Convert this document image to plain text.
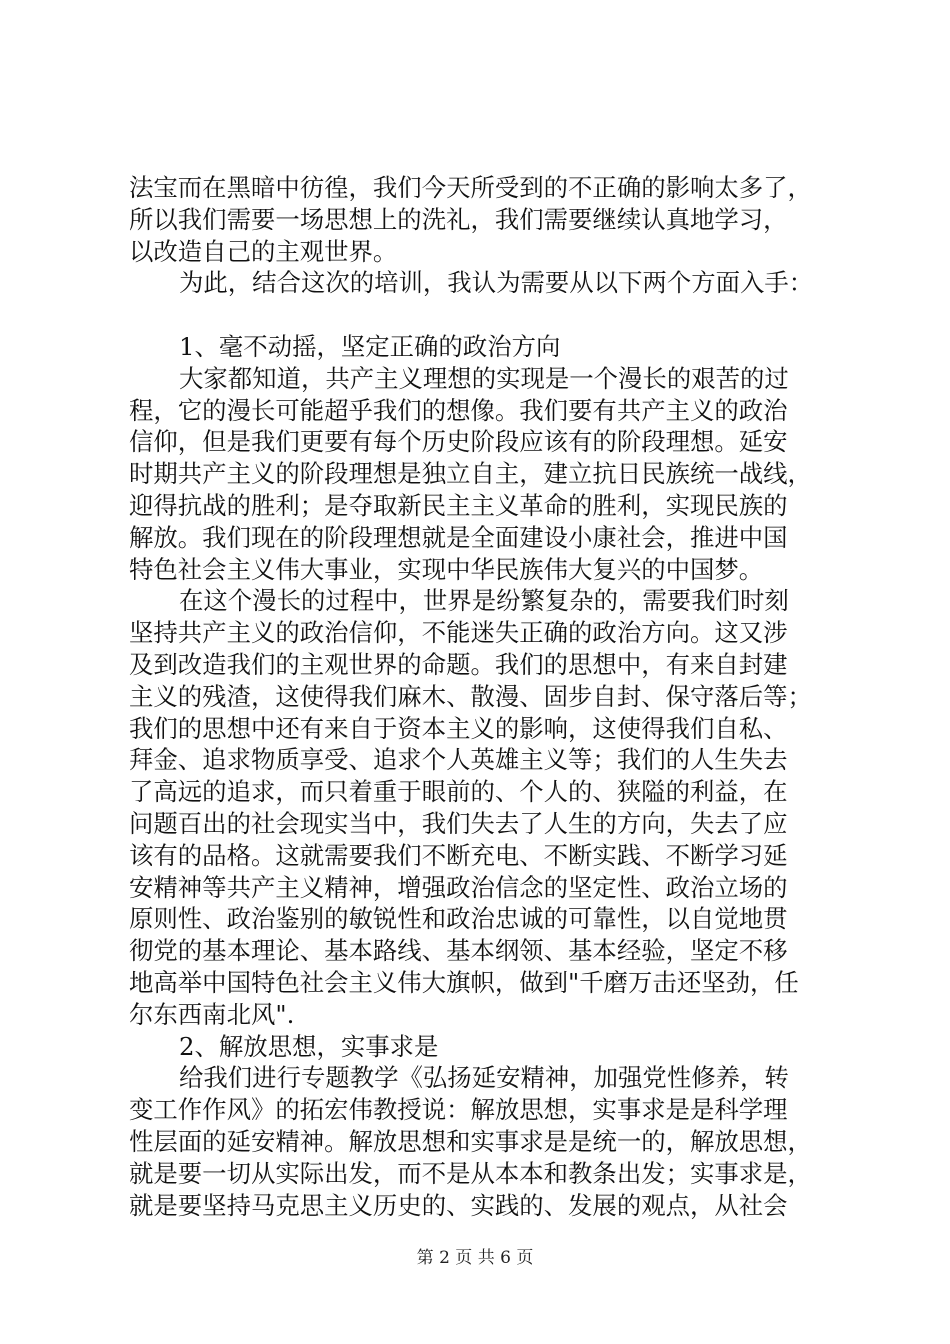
法宝而在黑暗中彷徨，我们今天所受到的不正确的影响太多了，
所以我们需要一场思想上的洗礼，我们需要继续认真地学习，
以改造自己的主观世界。
为此，结合这次的培训，我认为需要从以下两个方面入手：
1、毫不动摇，坚定正确的政治方向
大家都知道，共产主义理想的实现是一个漫长的艰苦的过
程，它的漫长可能超乎我们的想像。我们要有共产主义的政治
信仰，但是我们更要有每个历史阶段应该有的阶段理想。延安
时期共产主义的阶段理想是独立自主，建立抗日民族统一战线，
迎得抗战的胜利；是夺取新民主主义革命的胜利，实现民族的
解放。我们现在的阶段理想就是全面建设小康社会，推进中国
特色社会主义伟大事业，实现中华民族伟大复兴的中国梦。
在这个漫长的过程中，世界是纷繁复杂的，需要我们时刻
坚持共产主义的政治信仰，不能迷失正确的政治方向。这又涉
及到改造我们的主观世界的命题。我们的思想中，有来自封建
主义的残渣，这使得我们麻木、散漫、固步自封、保守落后等；
我们的思想中还有来自于资本主义的影响，这使得我们自私、
拜金、追求物质享受、追求个人英雄主义等；我们的人生失去
了高远的追求，而只着重于眼前的、个人的、狭隘的利益，在
问题百出的社会现实当中，我们失去了人生的方向，失去了应
该有的品格。这就需要我们不断充电、不断实践、不断学习延
安精神等共产主义精神，增强政治信念的坚定性、政治立场的
原则性、政治鉴别的敏锐性和政治忠诚的可靠性，以自觉地贯
彻党的基本理论、基本路线、基本纲领、基本经验，坚定不移
地高举中国特色社会主义伟大旗帜，做到"千磨万击还坚劲，任
尔东西南北风".
2、解放思想，实事求是
给我们进行专题教学《弘扬延安精神，加强党性修养，转
变工作作风》的拓宏伟教授说：解放思想，实事求是是科学理
性层面的延安精神。解放思想和实事求是是统一的，解放思想，
就是要一切从实际出发，而不是从本本和教条出发；实事求是，
就是要坚持马克思主义历史的、实践的、发展的观点，从社会
第 2 页 共 6 页
